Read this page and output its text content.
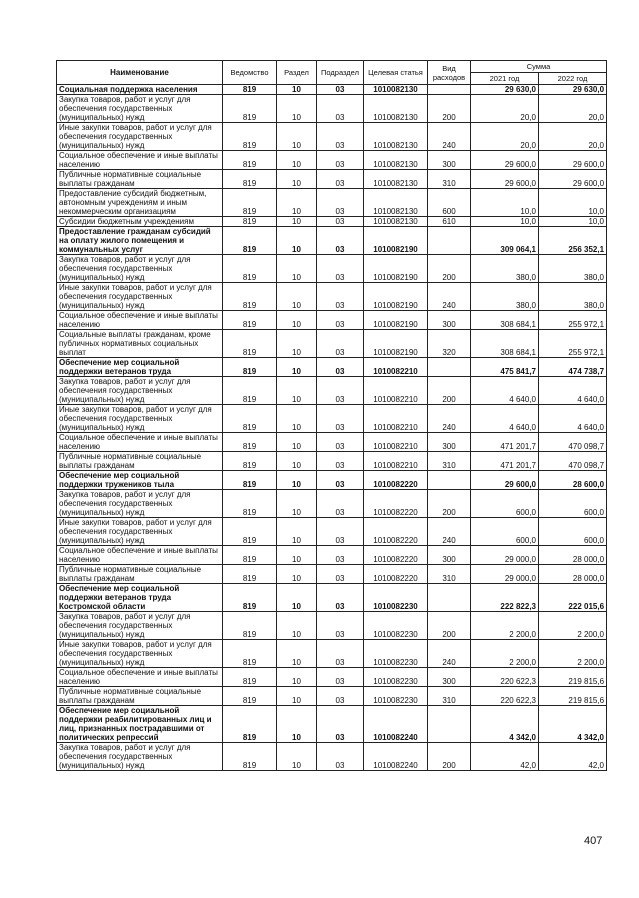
Наименование	Ведомство	Раздел	Подраздел	Целевая статья	Вид расходов	Сумма	
						2021 год	2022 год
Социальная поддержка населения	819	10	03	1010082130		29 630,0	29 630,0
Закупка товаров, работ и услуг для обеспечения государственных (муниципальных) нужд	819	10	03	1010082130	200	20,0	20,0
Иные закупки товаров, работ и услуг для обеспечения государственных (муниципальных) нужд	819	10	03	1010082130	240	20,0	20,0
Социальное обеспечение и иные выплаты населению	819	10	03	1010082130	300	29 600,0	29 600,0
Публичные нормативные социальные выплаты гражданам	819	10	03	1010082130	310	29 600,0	29 600,0
Предоставление субсидий бюджетным, автономным учреждениям и иным некоммерческим организациям	819	10	03	1010082130	600	10,0	10,0
Субсидии бюджетным учреждениям	819	10	03	1010082130	610	10,0	10,0
Предоставление гражданам субсидий на оплату жилого помещения и коммунальных услуг	819	10	03	1010082190		309 064,1	256 352,1
Закупка товаров, работ и услуг для обеспечения государственных (муниципальных) нужд	819	10	03	1010082190	200	380,0	380,0
Иные закупки товаров, работ и услуг для обеспечения государственных (муниципальных) нужд	819	10	03	1010082190	240	380,0	380,0
Социальное обеспечение и иные выплаты населению	819	10	03	1010082190	300	308 684,1	255 972,1
Социальные выплаты гражданам, кроме публичных нормативных социальных выплат	819	10	03	1010082190	320	308 684,1	255 972,1
Обеспечение мер социальной поддержки ветеранов труда	819	10	03	1010082210		475 841,7	474 738,7
Закупка товаров, работ и услуг для обеспечения государственных (муниципальных) нужд	819	10	03	1010082210	200	4 640,0	4 640,0
Иные закупки товаров, работ и услуг для обеспечения государственных (муниципальных) нужд	819	10	03	1010082210	240	4 640,0	4 640,0
Социальное обеспечение и иные выплаты населению	819	10	03	1010082210	300	471 201,7	470 098,7
Публичные нормативные социальные выплаты гражданам	819	10	03	1010082210	310	471 201,7	470 098,7
Обеспечение мер социальной поддержки тружеников тыла	819	10	03	1010082220		29 600,0	28 600,0
Закупка товаров, работ и услуг для обеспечения государственных (муниципальных) нужд	819	10	03	1010082220	200	600,0	600,0
Иные закупки товаров, работ и услуг для обеспечения государственных (муниципальных) нужд	819	10	03	1010082220	240	600,0	600,0
Социальное обеспечение и иные выплаты населению	819	10	03	1010082220	300	29 000,0	28 000,0
Публичные нормативные социальные выплаты гражданам	819	10	03	1010082220	310	29 000,0	28 000,0
Обеспечение мер социальной поддержки ветеранов труда Костромской области	819	10	03	1010082230		222 822,3	222 015,6
Закупка товаров, работ и услуг для обеспечения государственных (муниципальных) нужд	819	10	03	1010082230	200	2 200,0	2 200,0
Иные закупки товаров, работ и услуг для обеспечения государственных (муниципальных) нужд	819	10	03	1010082230	240	2 200,0	2 200,0
Социальное обеспечение и иные выплаты населению	819	10	03	1010082230	300	220 622,3	219 815,6
Публичные нормативные социальные выплаты гражданам	819	10	03	1010082230	310	220 622,3	219 815,6
Обеспечение мер социальной поддержки реабилитированных лиц и лиц, признанных пострадавшими от политических репрессий	819	10	03	1010082240		4 342,0	4 342,0
Закупка товаров, работ и услуг для обеспечения государственных (муниципальных) нужд	819	10	03	1010082240	200	42,0	42,0
407
